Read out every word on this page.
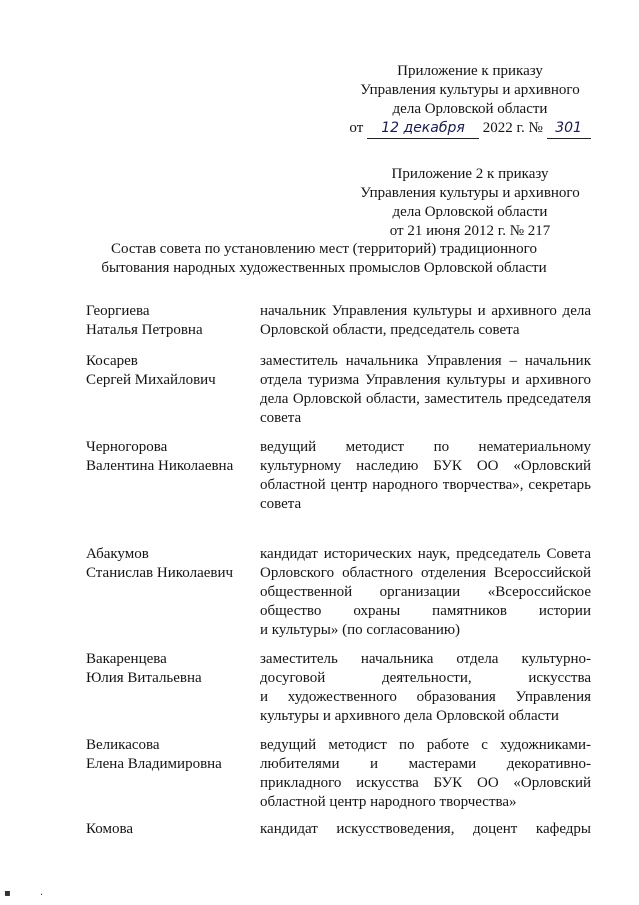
Приложение к приказу
Управления культуры и архивного
дела Орловской области
от 12 декабря 2022 г. № 301
Приложение 2 к приказу
Управления культуры и архивного
дела Орловской области
от 21 июня 2012 г. № 217
Состав совета по установлению мест (территорий) традиционного
бытования народных художественных промыслов Орловской области
Георгиева
Наталья Петровна
начальник Управления культуры и архивного дела
Орловской области, председатель совета
Косарев
Сергей Михайлович
заместитель начальника Управления – начальник
отдела туризма Управления культуры и архивного
дела Орловской области, заместитель председателя
совета
Черногорова
Валентина Николаевна
ведущий методист по нематериальному
культурному наследию БУК ОО «Орловский
областной центр народного творчества», секретарь
совета
Абакумов
Станислав Николаевич
кандидат исторических наук, председатель Совета
Орловского областного отделения Всероссийской
общественной организации «Всероссийское
общество охраны памятников истории
и культуры» (по согласованию)
Вакаренцева
Юлия Витальевна
заместитель начальника отдела культурно-
досуговой деятельности, искусства
и художественного образования Управления
культуры и архивного дела Орловской области
Великасова
Елена Владимировна
ведущий методист по работе с художниками-
любителями и мастерами декоративно-
прикладного искусства БУК ОО «Орловский
областной центр народного творчества»
Комова	кандидат искусствоведения, доцент кафедры
▪	·
